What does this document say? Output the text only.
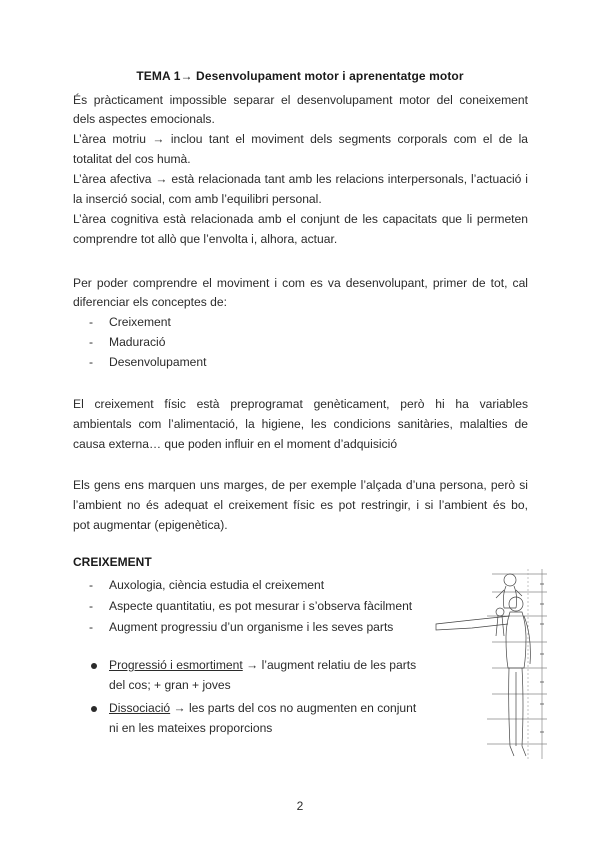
TEMA 1→ Desenvolupament motor i aprenentatge motor
És pràcticament impossible separar el desenvolupament motor del coneixement
dels aspectes emocionals.
L’àrea motriu → inclou tant el moviment dels segments corporals com el de la
totalitat del cos humà.
L’àrea afectiva → està relacionada tant amb les relacions interpersonals, l’actuació i
la inserció social, com amb l’equilibri personal.
L’àrea cognitiva està relacionada amb el conjunt de les capacitats que li permeten
comprendre tot allò que l’envolta i, alhora, actuar.
Per poder comprendre el moviment i com es va desenvolupant, primer de tot, cal
diferenciar els conceptes de:
-	Creixement
-	Maduració
-	Desenvolupament
El creixement físic està preprogramat genèticament, però hi ha variables
ambientals com l’alimentació, la higiene, les condicions sanitàries, malalties de
causa externa… que poden influir en el moment d’adquisició
Els gens ens marquen uns marges, de per exemple l’alçada d’una persona, però si
l’ambient no és adequat el creixement físic es pot restringir, i si l’ambient és bo,
pot augmentar (epigenètica).
CREIXEMENT
-	Auxologia, ciència estudia el creixement
-	Aspecte quantitatiu, es pot mesurar i s’observa fàcilment
-	Augment progressiu d’un organisme i les seves parts
Progressió i esmortiment → l’augment relatiu de les parts
del cos; + gran + joves
Dissociació → les parts del cos no augmenten en conjunt
ni en les mateixes proporcions
2
